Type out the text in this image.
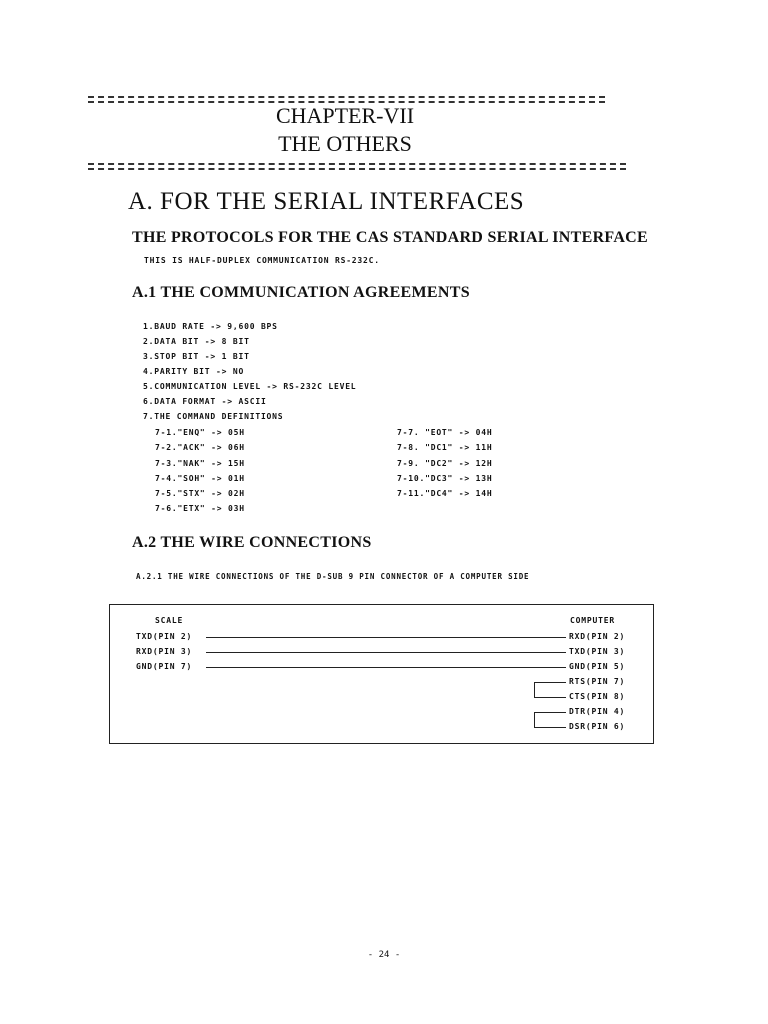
CHAPTER-VII
THE OTHERS
A. FOR THE SERIAL INTERFACES
THE PROTOCOLS FOR THE CAS STANDARD SERIAL INTERFACE
THIS IS HALF-DUPLEX COMMUNICATION RS-232C.
A.1 THE COMMUNICATION AGREEMENTS
1.BAUD RATE -> 9,600 BPS
2.DATA BIT -> 8 BIT
3.STOP BIT -> 1 BIT
4.PARITY BIT -> NO
5.COMMUNICATION LEVEL -> RS-232C LEVEL
6.DATA FORMAT -> ASCII
7.THE COMMAND DEFINITIONS
7-1."ENQ" -> 05H
7-2."ACK" -> 06H
7-3."NAK" -> 15H
7-4."SOH" -> 01H
7-5."STX" -> 02H
7-6."ETX" -> 03H
7-7. "EOT" -> 04H
7-8. "DC1" -> 11H
7-9. "DC2" -> 12H
7-10."DC3" -> 13H
7-11."DC4" -> 14H
A.2 THE WIRE CONNECTIONS
A.2.1 THE WIRE CONNECTIONS OF THE D-SUB 9 PIN CONNECTOR OF A COMPUTER SIDE
SCALE	COMPUTER
TXD(PIN 2)
RXD(PIN 3)
GND(PIN 7)
RXD(PIN 2)
TXD(PIN 3)
GND(PIN 5)
RTS(PIN 7)
CTS(PIN 8)
DTR(PIN 4)
DSR(PIN 6)
- 24 -
